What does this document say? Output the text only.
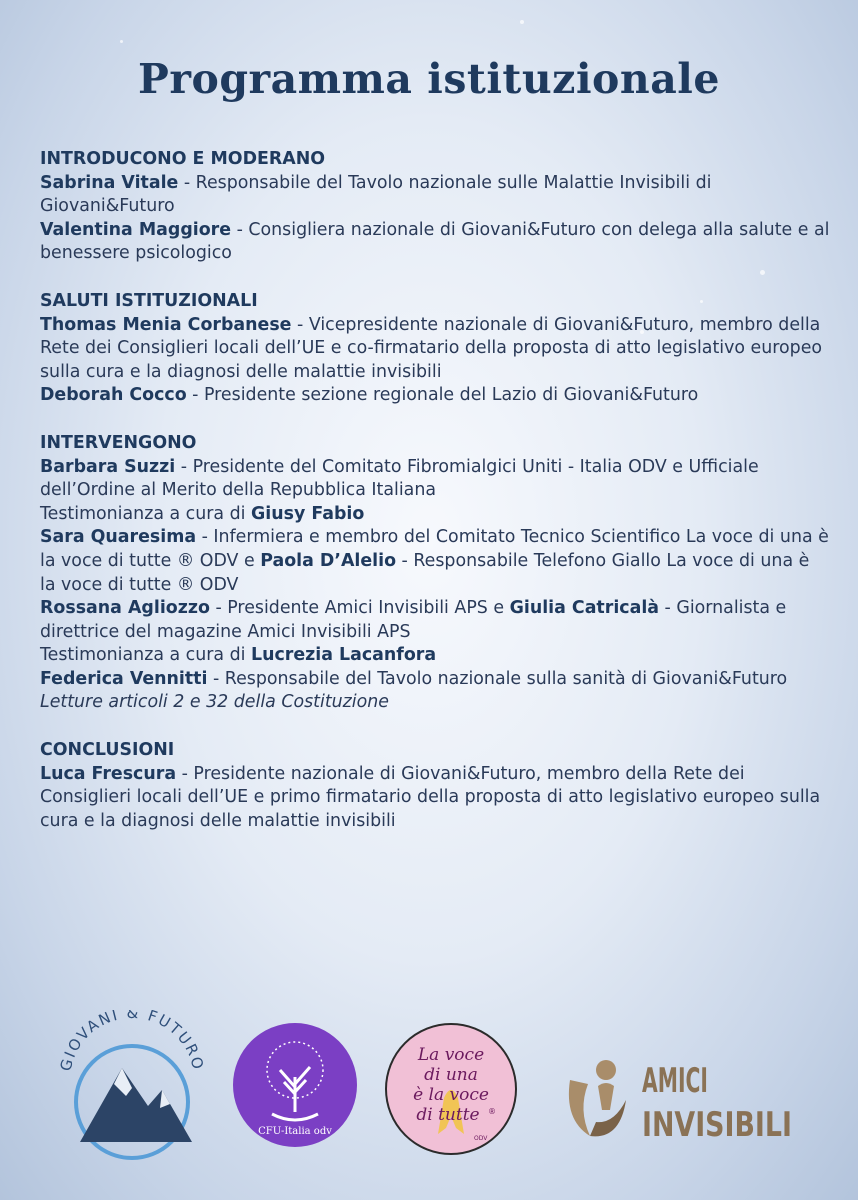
Programma istituzionale
INTRODUCONO E MODERANO

Sabrina Vitale - Responsabile del Tavolo nazionale sulle Malattie Invisibili di Giovani&Futuro

Valentina Maggiore - Consigliera nazionale di Giovani&Futuro con delega alla salute e al benessere psicologico

SALUTI ISTITUZIONALI

Thomas Menia Corbanese - Vicepresidente nazionale di Giovani&Futuro, membro della Rete dei Consiglieri locali dell’UE e co-firmatario della proposta di atto legislativo europeo sulla cura e la diagnosi delle malattie invisibili

Deborah Cocco - Presidente sezione regionale del Lazio di Giovani&Futuro

INTERVENGONO

Barbara Suzzi - Presidente del Comitato Fibromialgici Uniti - Italia ODV e Ufficiale dell’Ordine al Merito della Repubblica Italiana

Testimonianza a cura di Giusy Fabio

Sara Quaresima - Infermiera e membro del Comitato Tecnico Scientifico La voce di una è la voce di tutte ® ODV e Paola D’Alelio - Responsabile Telefono Giallo La voce di una è la voce di tutte ® ODV

Rossana Agliozzo - Presidente Amici Invisibili APS e Giulia Catricalà - Giornalista e direttrice del magazine Amici Invisibili APS

Testimonianza a cura di Lucrezia Lacanfora

Federica Vennitti - Responsabile del Tavolo nazionale sulla sanità di Giovani&Futuro

Letture articoli 2 e 32 della Costituzione

CONCLUSIONI

Luca Frescura - Presidente nazionale di Giovani&Futuro, membro della Rete dei Consiglieri locali dell’UE e primo firmatario della proposta di atto legislativo europeo sulla cura e la diagnosi delle malattie invisibili

GIOVANI & FUTURO
CFU-Italia odv
La voce
di una
è la voce
di tutte ®
ODV
AMICI
INVISIBILI
